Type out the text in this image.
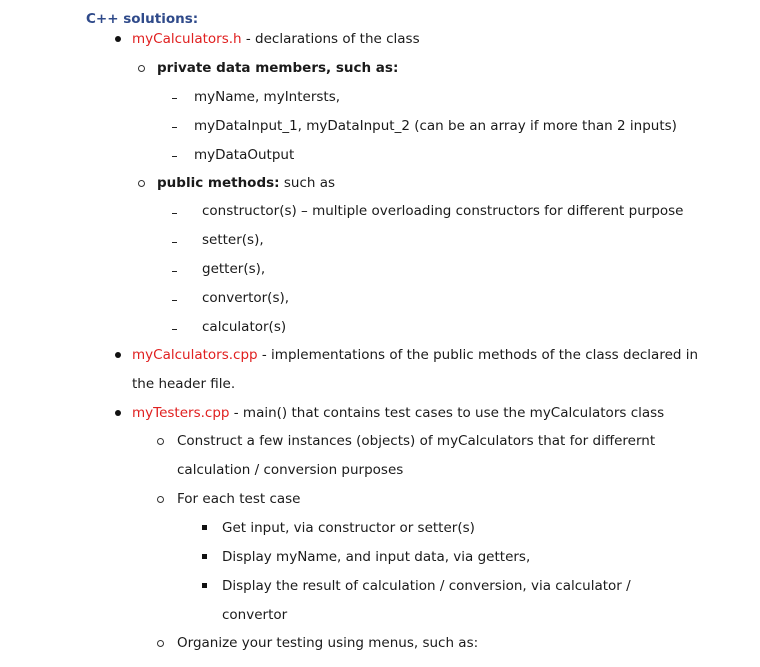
C++ solutions:
myCalculators.h - declarations of the class
private data members, such as:
myName, myIntersts,
myDataInput_1, myDataInput_2 (can be an array if more than 2 inputs)
myDataOutput
public methods: such as
constructor(s) – multiple overloading constructors for different purpose
setter(s),
getter(s),
convertor(s),
calculator(s)
myCalculators.cpp - implementations of the public methods of the class declared in
the header file.
myTesters.cpp - main() that contains test cases to use the myCalculators class
Construct a few instances (objects) of myCalculators that for differernt
calculation / conversion purposes
For each test case
Get input, via constructor or setter(s)
Display myName, and input data, via getters,
Display the result of calculation / conversion, via calculator /
convertor
Organize your testing using menus, such as:
